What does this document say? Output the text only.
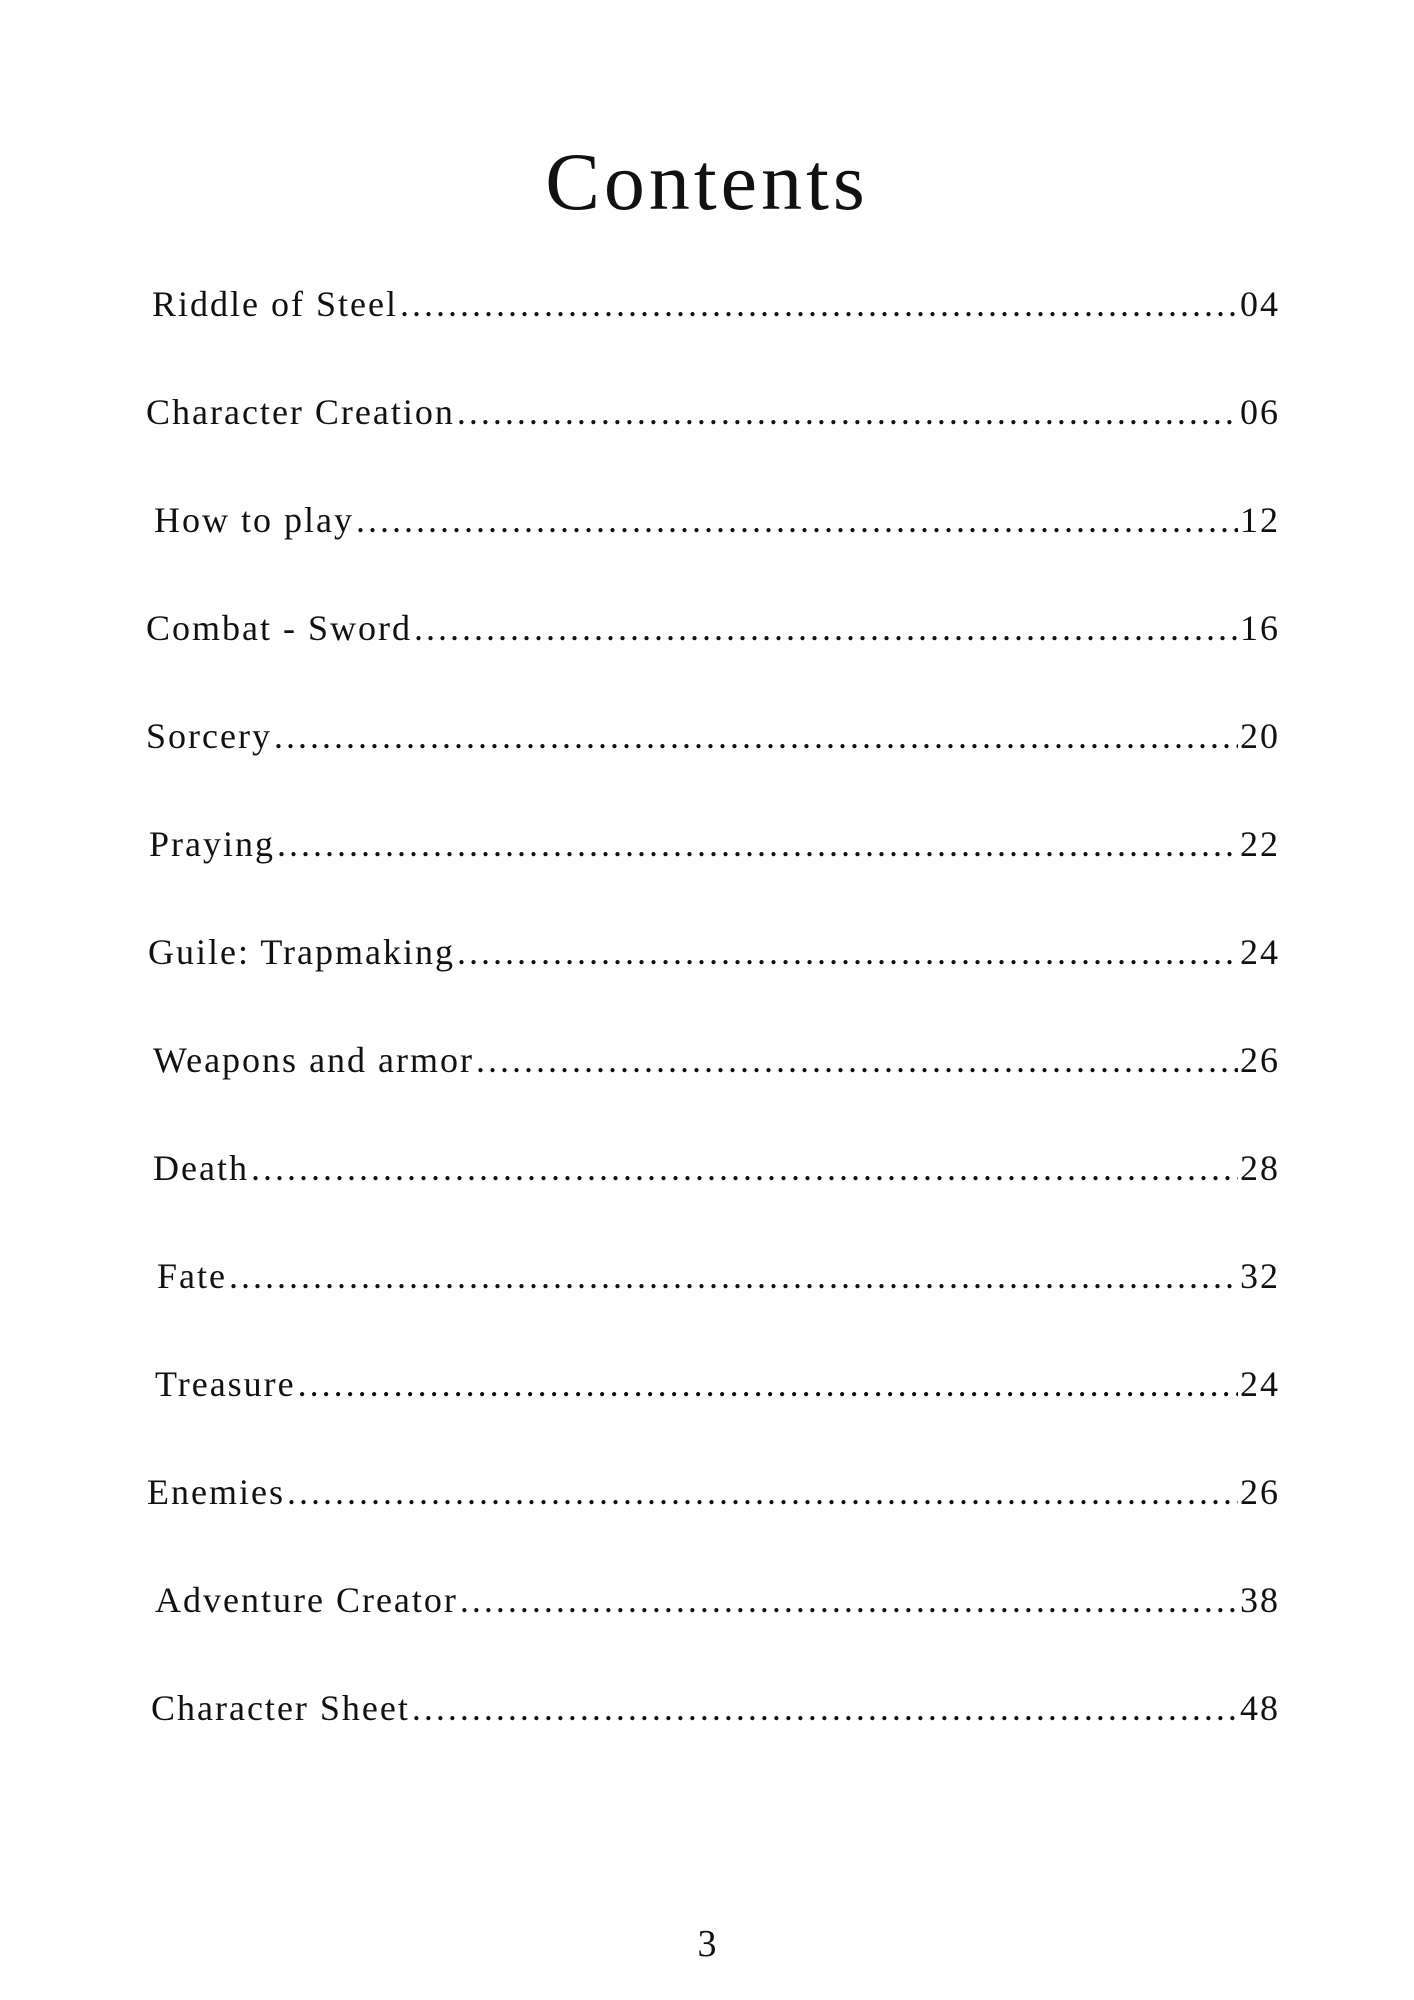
Contents
Riddle of Steel .....	04
Character Creation .....	06
How to play .....	12
Combat - Sword .....	16
Sorcery .....	20
Praying .....	22
Guile: Trapmaking .....	24
Weapons and armor .....	26
Death .....	28
Fate .....	32
Treasure .....	24
Enemies .....	26
Adventure Creator .....	38
Character Sheet .....	48
3
